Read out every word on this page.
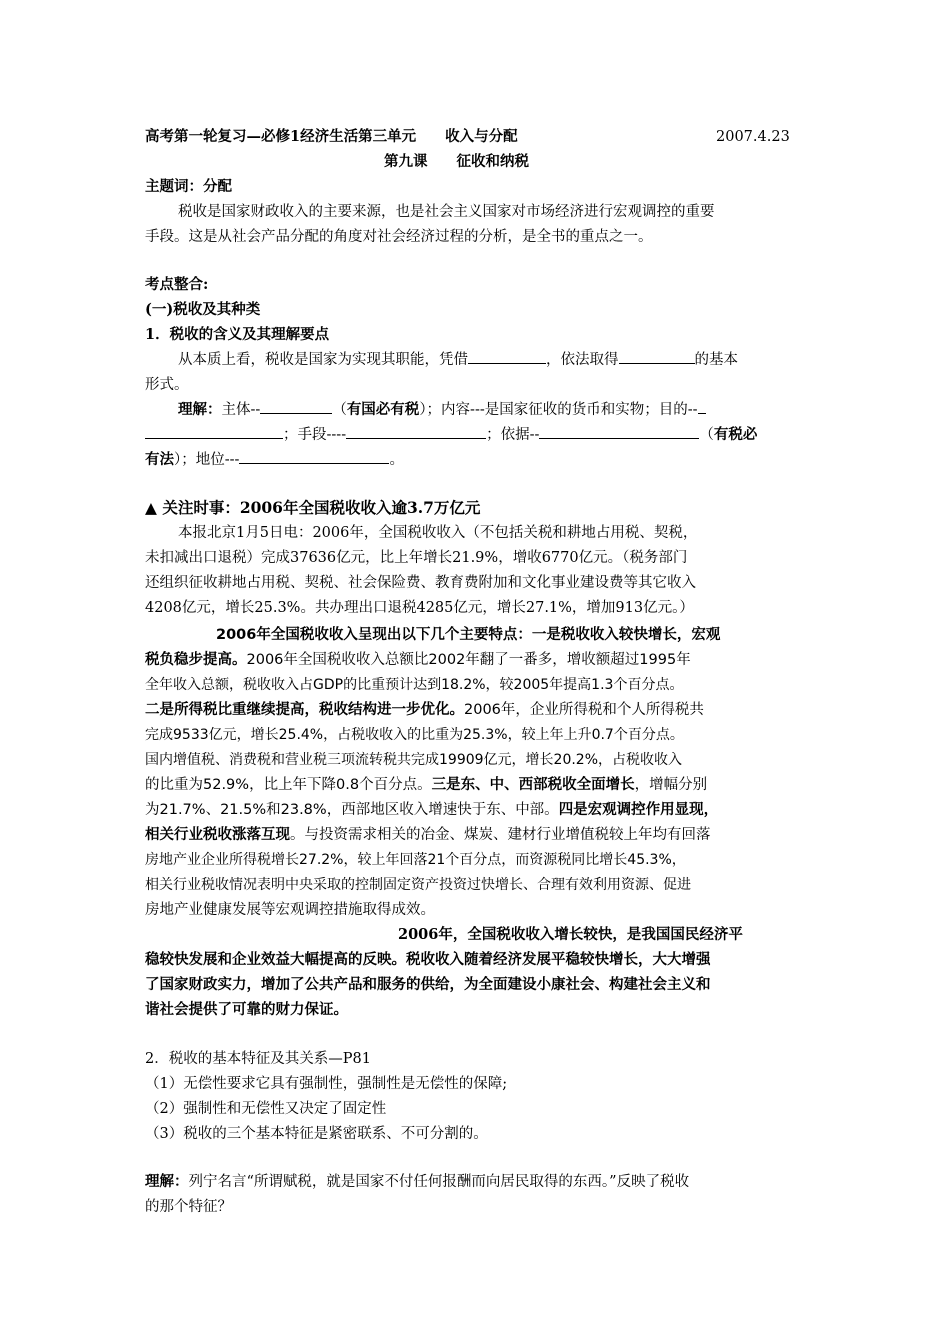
高考第一轮复习—必修1经济生活第三单元　　收入与分配	2007.4.23
第九课　　征收和纳税
主题词：分配
税收是国家财政收入的主要来源，也是社会主义国家对市场经济进行宏观调控的重要
手段。这是从社会产品分配的角度对社会经济过程的分析，是全书的重点之一。
考点整合:
(一)税收及其种类
1．税收的含义及其理解要点
从本质上看，税收是国家为实现其职能，凭借	，依法取得	的基本
形式。
理解：主体--	（有国必有税）；内容---是国家征收的货币和实物；目的--
；手段----	；依据--	（有税必
有法）；地位---	。
▲ 关注时事：2006年全国税收收入逾3.7万亿元
本报北京1月5日电：2006年，全国税收收入（不包括关税和耕地占用税、契税，
未扣减出口退税）完成37636亿元，比上年增长21.9%，增收6770亿元。（税务部门
还组织征收耕地占用税、契税、社会保险费、教育费附加和文化事业建设费等其它收入
4208亿元，增长25.3%。共办理出口退税4285亿元，增长27.1%，增加913亿元。）
2006年全国税收收入呈现出以下几个主要特点：一是税收收入较快增长，宏观
税负稳步提高。2006年全国税收收入总额比2002年翻了一番多，增收额超过1995年
全年收入总额，税收收入占GDP的比重预计达到18.2%，较2005年提高1.3个百分点。
二是所得税比重继续提高，税收结构进一步优化。2006年，企业所得税和个人所得税共
完成9533亿元，增长25.4%，占税收收入的比重为25.3%，较上年上升0.7个百分点。
国内增值税、消费税和营业税三项流转税共完成19909亿元，增长20.2%，占税收收入
的比重为52.9%，比上年下降0.8个百分点。三是东、中、西部税收全面增长，增幅分别
为21.7%、21.5%和23.8%，西部地区收入增速快于东、中部。四是宏观调控作用显现，
相关行业税收涨落互现。与投资需求相关的冶金、煤炭、建材行业增值税较上年均有回落
房地产业企业所得税增长27.2%，较上年回落21个百分点，而资源税同比增长45.3%，
相关行业税收情况表明中央采取的控制固定资产投资过快增长、合理有效利用资源、促进
房地产业健康发展等宏观调控措施取得成效。
2006年，全国税收收入增长较快，是我国国民经济平
稳较快发展和企业效益大幅提高的反映。税收收入随着经济发展平稳较快增长，大大增强
了国家财政实力，增加了公共产品和服务的供给，为全面建设小康社会、构建社会主义和
谐社会提供了可靠的财力保证。
2．税收的基本特征及其关系—P81
（1）无偿性要求它具有强制性，强制性是无偿性的保障;
（2）强制性和无偿性又决定了固定性
（3）税收的三个基本特征是紧密联系、不可分割的。
理解：列宁名言“所谓赋税，就是国家不付任何报酬而向居民取得的东西。”反映了税收
的那个特征？
